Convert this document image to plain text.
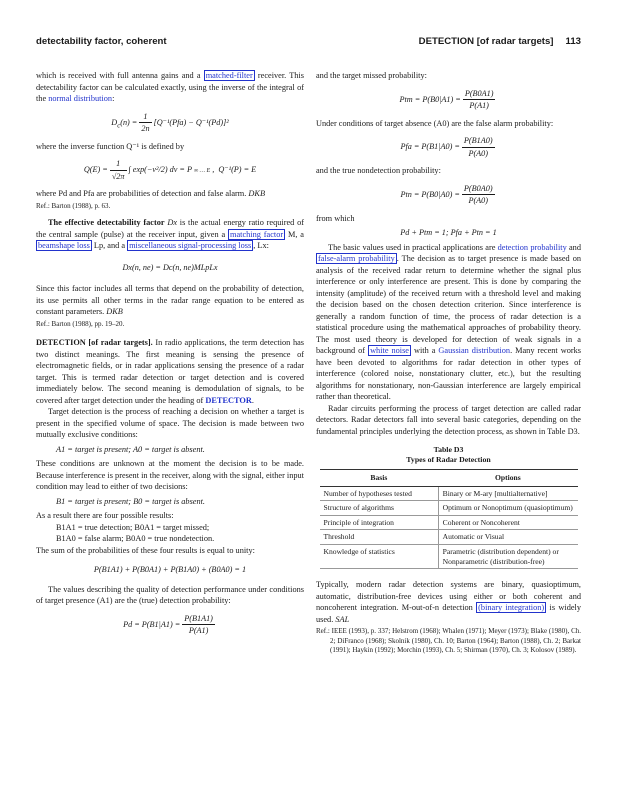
detectability factor, coherent	DETECTION [of radar targets] 113

which is received with full antenna gains and a matched-filter receiver. This detectability factor can be calculated exactly, using the inverse of the integral of the normal distribution:

$D_c(n) = \frac{1}{2n} [Q^{-1}(Pfa) - Q^{-1}(Pd)]^2$

where the inverse function Q⁻¹ is defined by

$Q(E) = \frac{1}{√2\pi}$ ∫ exp(−v²/2) dv = P ∞ … E ,  Q⁻¹(P) = E

where Pd and Pfa are probabilities of detection and false alarm. DKB

Ref.: Barton (1988), p. 63.

The effective detectability factor Dx is the actual energy ratio required of the central sample (pulse) at the receiver input, given a matching factor M, a beamshape loss Lp, and a miscellaneous signal-processing loss , Lx:

Dx(n, ne) = Dc(n, ne)MLpLx

Since this factor includes all terms that depend on the probability of detection, its use permits all other terms in the radar range equation to be entered as constant parameters. DKB

Ref.: Barton (1988), pp. 19–20.

DETECTION [of radar targets]. In radio applications, the term detection has two distinct meanings. The first meaning is sensing the presence of electromagnetic fields, or in radar applications sensing the presence of a radar target. This is termed radar detection or target detection and is covered immediately below. The second meaning is demodulation of signals, to be covered after target detection under the heading of DETECTOR.

Target detection is the process of reaching a decision on whether a target is present in the specified volume of space. The decision is made between two mutually exclusive conditions:

A1 = target is present; A0 = target is absent.

These conditions are unknown at the moment the decision is to be made. Because interference is present in the receiver, along with the signal, either input condition may lead to either of two decisions:

B1 = target is present; B0 = target is absent.

As a result there are four possible results:

B1A1 = true detection; B0A1 = target missed;

B1A0 = false alarm; B0A0 = true nondetection.

The sum of the probabilities of these four results is equal to unity:

P(B1A1) + P(B0A1) + P(B1A0) + (B0A0) = 1

The values describing the quality of detection performance under conditions of target presence (A1) are the (true) detection probability:

$Pd = P(B1|A1) = \frac{P(B1A1)}{P(A1)}$

and the target missed probability:

Ptm = $P(B0|A1) = \frac{P(B0A1)}{P(A1)}$

Under conditions of target absence (A0) are the false alarm probability:

Pfa = $P(B1|A0) = \frac{P(B1A0)}{P(A0)}$

and the true nondetection probability:

Ptn = $P(B0|A0) = \frac{P(B0A0)}{P(A0)}$

from which

Pd + Ptm = 1; Pfa + Ptn = 1

The basic values used in practical applications are detection probability and false-alarm probability . The decision as to target presence is made based on analysis of the received radar return to determine whether the signal plus interference or only interference are present. This is done by comparing the intensity (amplitude) of the received return with a threshold level and making the decision based on the chosen detection criterion. Since interference is generally a random function of time, the process of radar detection is a statistical procedure using the mathematical approaches of probability theory. The most used theory is developed for detection of weak signals in a background of white noise with a Gaussian distribution. Many recent works have been devoted to algorithms for radar detection in other types of interference (colored noise, nonstationary clutter, etc.), but the resulting algorithms for nonstationary, non-Gaussian interference are largely empirical rather than theoretical.

Radar circuits performing the process of target detection are called radar detectors. Radar detectors fall into several basic categories, depending on the fundamental principles underlying the detection process, as shown in Table D3.

Table D3
Types of Radar Detection
Basis	Options
Number of hypotheses tested	Binary or M-ary [multialternative]
Structure of algorithms	Optimum or Nonoptimum (quasioptimum)
Principle of integration	Coherent or Noncoherent
Threshold	Automatic or Visual
Knowledge of statistics	Parametric (distribution dependent) or Nonparametric (distribution-free)

Typically, modern radar detection systems are binary, quasioptimum, automatic, distribution-free devices using either or both coherent and noncoherent integration. M-out-of-n detection (binary integration) is widely used. SAL

Ref.: IEEE (1993), p. 337; Helstrom (1968); Whalen (1971); Meyer (1973); Blake (1980), Ch. 2; DiFranco (1968); Skolnik (1980), Ch. 10; Barton (1964); Barton (1988), Ch. 2; Barkat (1991); Haykin (1992); Morchin (1993), Ch. 5; Shirman (1970), Ch. 3; Kolosov (1989).
